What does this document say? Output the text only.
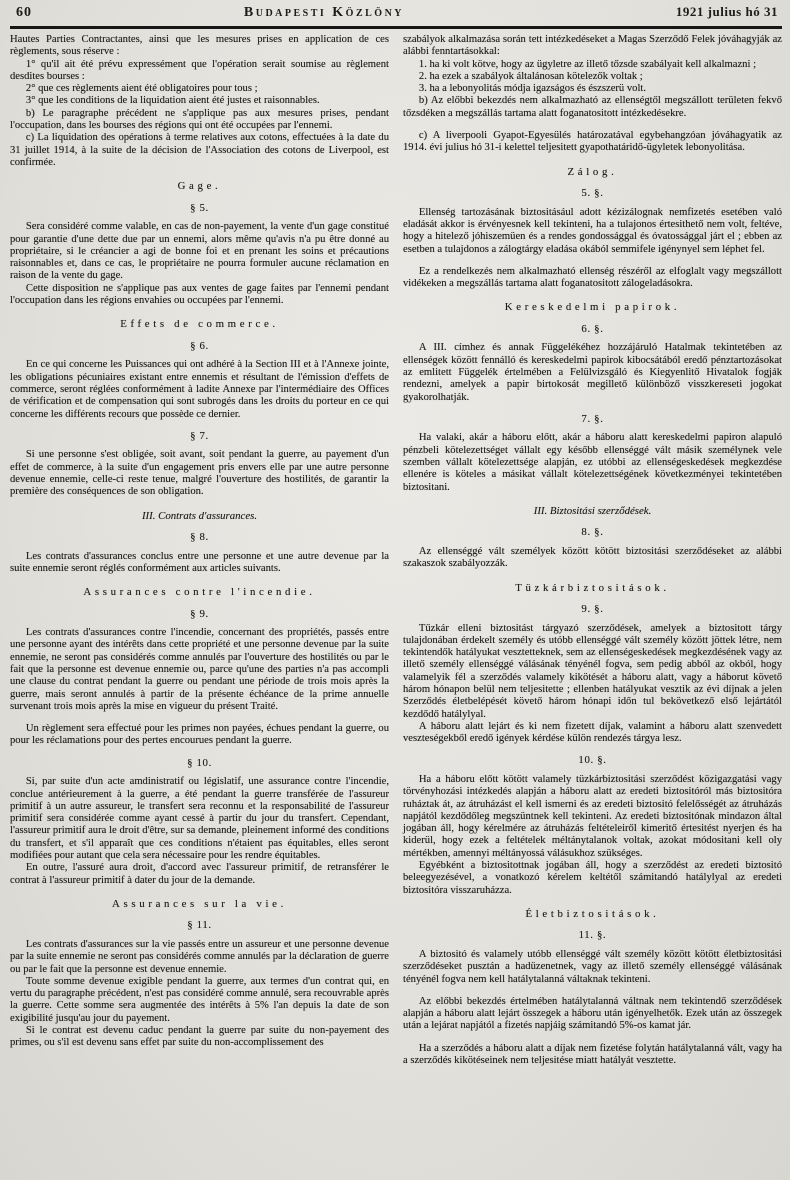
60	Budapesti Közlöny	1921 julius hó 31
Hautes Parties Contractantes, ainsi que les mesures prises en application de ces règlements, sous réserve :
1° qu'il ait été prévu expressément que l'opération serait soumise au règlement desdites bourses :
2° que ces règlements aient été obligatoires pour tous ;
3° que les conditions de la liquidation aient été justes et raisonnables.
b) Le paragraphe précédent ne s'applique pas aux mesures prises, pendant l'occupation, dans les bourses des régions qui ont été occupées par l'ennemi.
c) La liquidation des opérations à terme relatives aux cotons, effectuées à la date du 31 juillet 1914, à la suite de la décision de l'Association des cotons de Liverpool, est confirmée.
Gage.
§ 5.
Sera considéré comme valable, en cas de non-payement, la vente d'un gage constitué pour garantie d'une dette due par un ennemi, alors même qu'avis n'a pu être donné au propriétaire, si le créancier a agi de bonne foi et en prenant les soins et précautions raisonnables et, dans ce cas, le propriétaire ne pourra formuler aucune réclamation en raison de la vente du gage.
Cette disposition ne s'applique pas aux ventes de gage faites par l'ennemi pendant l'occupation dans les régions envahies ou occupées par l'ennemi.
Effets de commerce.
§ 6.
En ce qui concerne les Puissances qui ont adhéré à la Section III et à l'Annexe jointe, les obligations pécuniaires existant entre ennemis et résultant de l'émission d'effets de commerce, seront réglées conformément à ladite Annexe par l'intermédiaire des Offices de vérification et de compensation qui sont subrogés dans les droits du porteur en ce qui concerne les différents recours que possède ce dernier.
§ 7.
Si une personne s'est obligée, soit avant, soit pendant la guerre, au payement d'un effet de commerce, à la suite d'un engagement pris envers elle par une autre personne devenue ennemie, celle-ci reste tenue, malgré l'ouverture des hostilités, de garantir la première des conséquences de son obligation.
III. Contrats d'assurances.
§ 8.
Les contrats d'assurances conclus entre une personne et une autre devenue par la suite ennemie seront réglés conformément aux articles suivants.
Assurances contre l'incendie.
§ 9.
Les contrats d'assurances contre l'incendie, concernant des propriétés, passés entre une personne ayant des intérêts dans cette propriété et une personne devenue par la suite ennemie, ne seront pas considérés comme annulés par l'ouverture des hostilités ou par le fait que la personne est devenue ennemie ou, parce qu'une des parties n'a pas accompli une clause du contrat pendant la guerre ou pendant une période de trois mois après la guerre, mais seront annulés à partir de la présente échéance de la prime annuelle survenant trois mois après la mise en vigueur du présent Traité.
Un règlement sera effectué pour les primes non payées, échues pendant la guerre, ou pour les réclamations pour des pertes encourues pendant la guerre.
§ 10.
Si, par suite d'un acte amdinistratif ou législatif, une assurance contre l'incendie, conclue antérieurement à la guerre, a été pendant la guerre transférée de l'assureur primitif à un autre assureur, le transfert sera reconnu et la responsabilité de l'assureur primitif sera considérée comme ayant cessé à partir du jour du transfert. Cependant, l'assureur primitif aura le droit d'être, sur sa demande, pleinement informé des conditions du transfert, et s'il apparaît que ces conditions n'étaient pas équitables, elles seront modifiées pour autant que cela sera nécessaire pour les rendre équitables.
En outre, l'assuré aura droit, d'accord avec l'assureur primitif, de retransférer le contrat à l'assureur primitif à dater du jour de la demande.
Assurances sur la vie.
§ 11.
Les contrats d'assurances sur la vie passés entre un assureur et une personne devenue par la suite ennemie ne seront pas considérés comme annulés par la déclaration de guerre ou par le fait que la personne est devenue ennemie.
Toute somme devenue exigible pendant la guerre, aux termes d'un contrat qui, en vertu du paragraphe précédent, n'est pas considéré comme annulé, sera recouvrable après la guerre. Cette somme sera augmentée des intérêts à 5% l'an depuis la date de son exigibilité jusqu'au jour du payement.
Si le contrat est devenu caduc pendant la guerre par suite du non-payement des primes, ou s'il est devenu sans effet par suite du non-accomplissement des
szabályok alkalmazása során tett intézkedéseket a Magas Szerződő Felek jóváhagyják az alábbi fenntartásokkal:
1. ha ki volt kötve, hogy az ügyletre az illető tőzsde szabályait kell alkalmazni ;
2. ha ezek a szabályok általánosan kötelezők voltak ;
3. ha a lebonyolitás módja igazságos és észszerü volt.
b) Az előbbi bekezdés nem alkalmazható az ellenségtől megszállott területen fekvő tőzsdéken a megszállás tartama alatt foganatositott intézkedésekre.
c) A liverpooli Gyapot-Egyesülés határozatával egybehangzóan jóváhagyatik az 1914. évi julius hó 31-i kelettel teljesitett gyapothatáridő-ügyletek lebonyolitása.
Zálog.
5. §.
Ellenség tartozásának biztositásául adott kézizálognak nemfizetés esetében való eladását akkor is érvényesnek kell tekinteni, ha a tulajonos értesithető nem volt, feltéve, hogy a hitelező jóhiszemüen és a rendes gondossággal és óvatossággal járt el ; ebben az esetben a tulajdonos a zálogtárgy eladása okából semmifele igénynyel sem léphet fel.
Ez a rendelkezés nem alkalmazható ellenség részéről az elfoglalt vagy megszállott vidékeken a megszállás tartama alatt foganatositott zálogeladásokra.
Kereskedelmi papirok.
6. §.
A III. címhez és annak Függelékéhez hozzájáruló Hatalmak tekintetében az ellenségek között fennálló és kereskedelmi papirok kibocsátából eredő pénztartozásokat az emlitett Függelék értelmében a Felülvizsgáló és Kiegyenlitő Hivatalok fogják rendezni, amelyek a papir birtokosát megillető különböző visszkereseti jogokat gyakorolhatják.
7. §.
Ha valaki, akár a háboru előtt, akár a háboru alatt kereskedelmi papiron alapuló pénzbeli kötelezettséget vállalt egy később ellenséggé vált másik személynek vele szemben vállalt kötelezettsége alapján, ez utóbbi az ellenségeskedések megkezdése ellenére is köteles a másikat vállalt kötelezettségének következményei tekintetében biztositani.
III. Biztositási szerződések.
8. §.
Az ellenséggé vált személyek között kötött biztositási szerződéseket az alábbi szakaszok szabályozzák.
Tüzkárbiztositások.
9. §.
Tűzkár elleni biztositást tárgyazó szerződések, amelyek a biztositott tárgy tulajdonában érdekelt személy és utóbb ellenséggé vált személy között jöttek létre, nem tekintendők hatályukat vesztetteknek, sem az ellenségeskedések megkezdésének vagy az illető személy ellenséggé válásának tényénél fogva, sem pedig abból az okból, hogy valamelyik fél a szerződés valamely kikötését a háboru alatt, vagy a háborut követő három hónapon belül nem teljesitette ; ellenben hatályukat vesztik az évi díjnak a jelen Szerződés életbelépését követő három hónapi időn tul bekövetkező első lejártától kezdődő hatálylyal.
A háboru alatt lejárt és ki nem fizetett díjak, valamint a háboru alatt szenvedett veszteségekből eredő igények kérdése külön rendezés tárgya lesz.
10. §.
Ha a háboru előtt kötött valamely tüzkárbiztositási szerződést közigazgatási vagy törvényhozási intézkedés alapján a háboru alatt az eredeti biztositóról más biztositóra ruháztak át, az átruházást el kell ismerni és az eredeti biztositó felelősségét az átruházás napjától kezdődőleg megszüntnek kell tekinteni. Az eredeti biztositónak mindazon által jogában áll, hogy kérelmére az átruházás feltételeiről kimeritő értesitést nyerjen és ha kiderül, hogy ezek a feltételek méltánytalanok voltak, azokat módositani kell oly mértékben, amennyi méltányossá válásukhoz szükséges.
Egyébként a biztositottnak jogában áll, hogy a szerződést az eredeti biztositó beleegyezésével, a vonatkozó kérelem keltétől számitandó hatálylyal az eredeti biztositóra visszaruházza.
Életbiztositások.
11. §.
A biztositó és valamely utóbb ellenséggé vált személy között kötött életbiztositási szerződéseket pusztán a hadüzenetnek, vagy az illető személy ellenséggé válásának tényénél fogva nem kell hatálytalanná váltaknak tekinteni.
Az előbbi bekezdés értelmében hatálytalanná váltnak nem tekintendő szerződések alapján a háboru alatt lejárt összegek a háboru után igényelhetők. Ezek után az összegek után a lejárat napjától a fizetés napjáig számitandó 5%-os kamat jár.
Ha a szerződés a háboru alatt a díjak nem fizetése folytán hatálytalanná vált, vagy ha a szerződés kikötéseinek nem teljesitése miatt hatályát vesztette.
